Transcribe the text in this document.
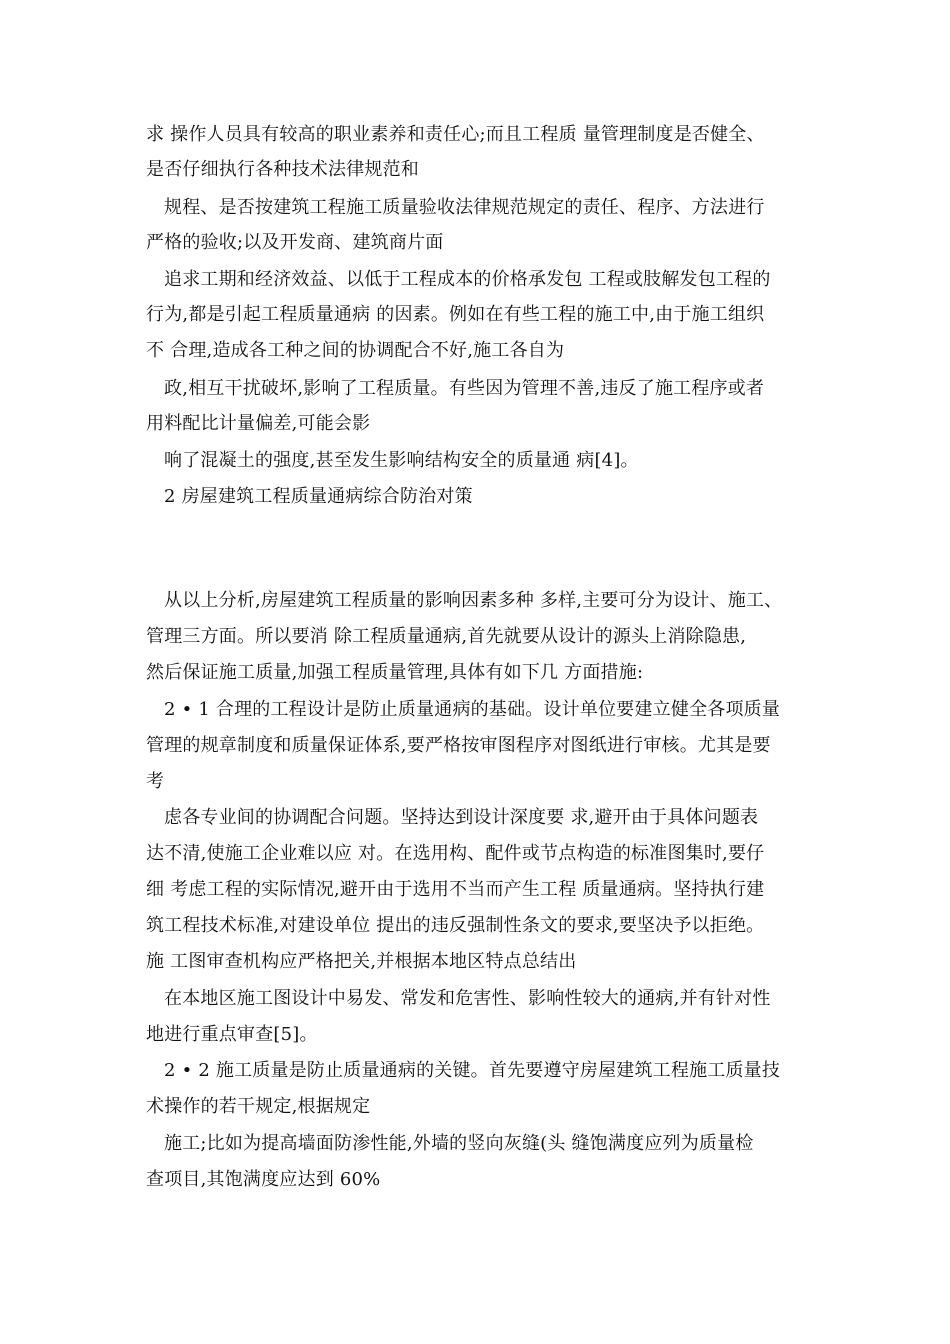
求 操作人员具有较高的职业素养和责任心;而且工程质 量管理制度是否健全、
是否仔细执行各种技术法律规范和
规程、是否按建筑工程施工质量验收法律规范规定的责任、程序、方法进行
严格的验收;以及开发商、建筑商片面
追求工期和经济效益、以低于工程成本的价格承发包 工程或肢解发包工程的
行为,都是引起工程质量通病 的因素。例如在有些工程的施工中,由于施工组织
不 合理,造成各工种之间的协调配合不好,施工各自为
政,相互干扰破坏,影响了工程质量。有些因为管理不善,违反了施工程序或者
用料配比计量偏差,可能会影
响了混凝土的强度,甚至发生影响结构安全的质量通 病[4]。
2 房屋建筑工程质量通病综合防治对策
从以上分析,房屋建筑工程质量的影响因素多种 多样,主要可分为设计、施工、
管理三方面。所以要消 除工程质量通病,首先就要从设计的源头上消除隐患,
然后保证施工质量,加强工程质量管理,具体有如下几 方面措施:
2 • 1 合理的工程设计是防止质量通病的基础。设计单位要建立健全各项质量
管理的规章制度和质量保证体系,要严格按审图程序对图纸进行审核。尤其是要
考
虑各专业间的协调配合问题。坚持达到设计深度要 求,避开由于具体问题表
达不清,使施工企业难以应 对。在选用构、配件或节点构造的标准图集时,要仔
细 考虑工程的实际情况,避开由于选用不当而产生工程 质量通病。坚持执行建
筑工程技术标准,对建设单位 提出的违反强制性条文的要求,要坚决予以拒绝。
施 工图审查机构应严格把关,并根据本地区特点总结出
在本地区施工图设计中易发、常发和危害性、影响性较大的通病,并有针对性
地进行重点审查[5]。
2 • 2 施工质量是防止质量通病的关键。首先要遵守房屋建筑工程施工质量技
术操作的若干规定,根据规定
施工;比如为提高墙面防渗性能,外墙的竖向灰缝(头 缝饱满度应列为质量检
查项目,其饱满度应达到 60%
